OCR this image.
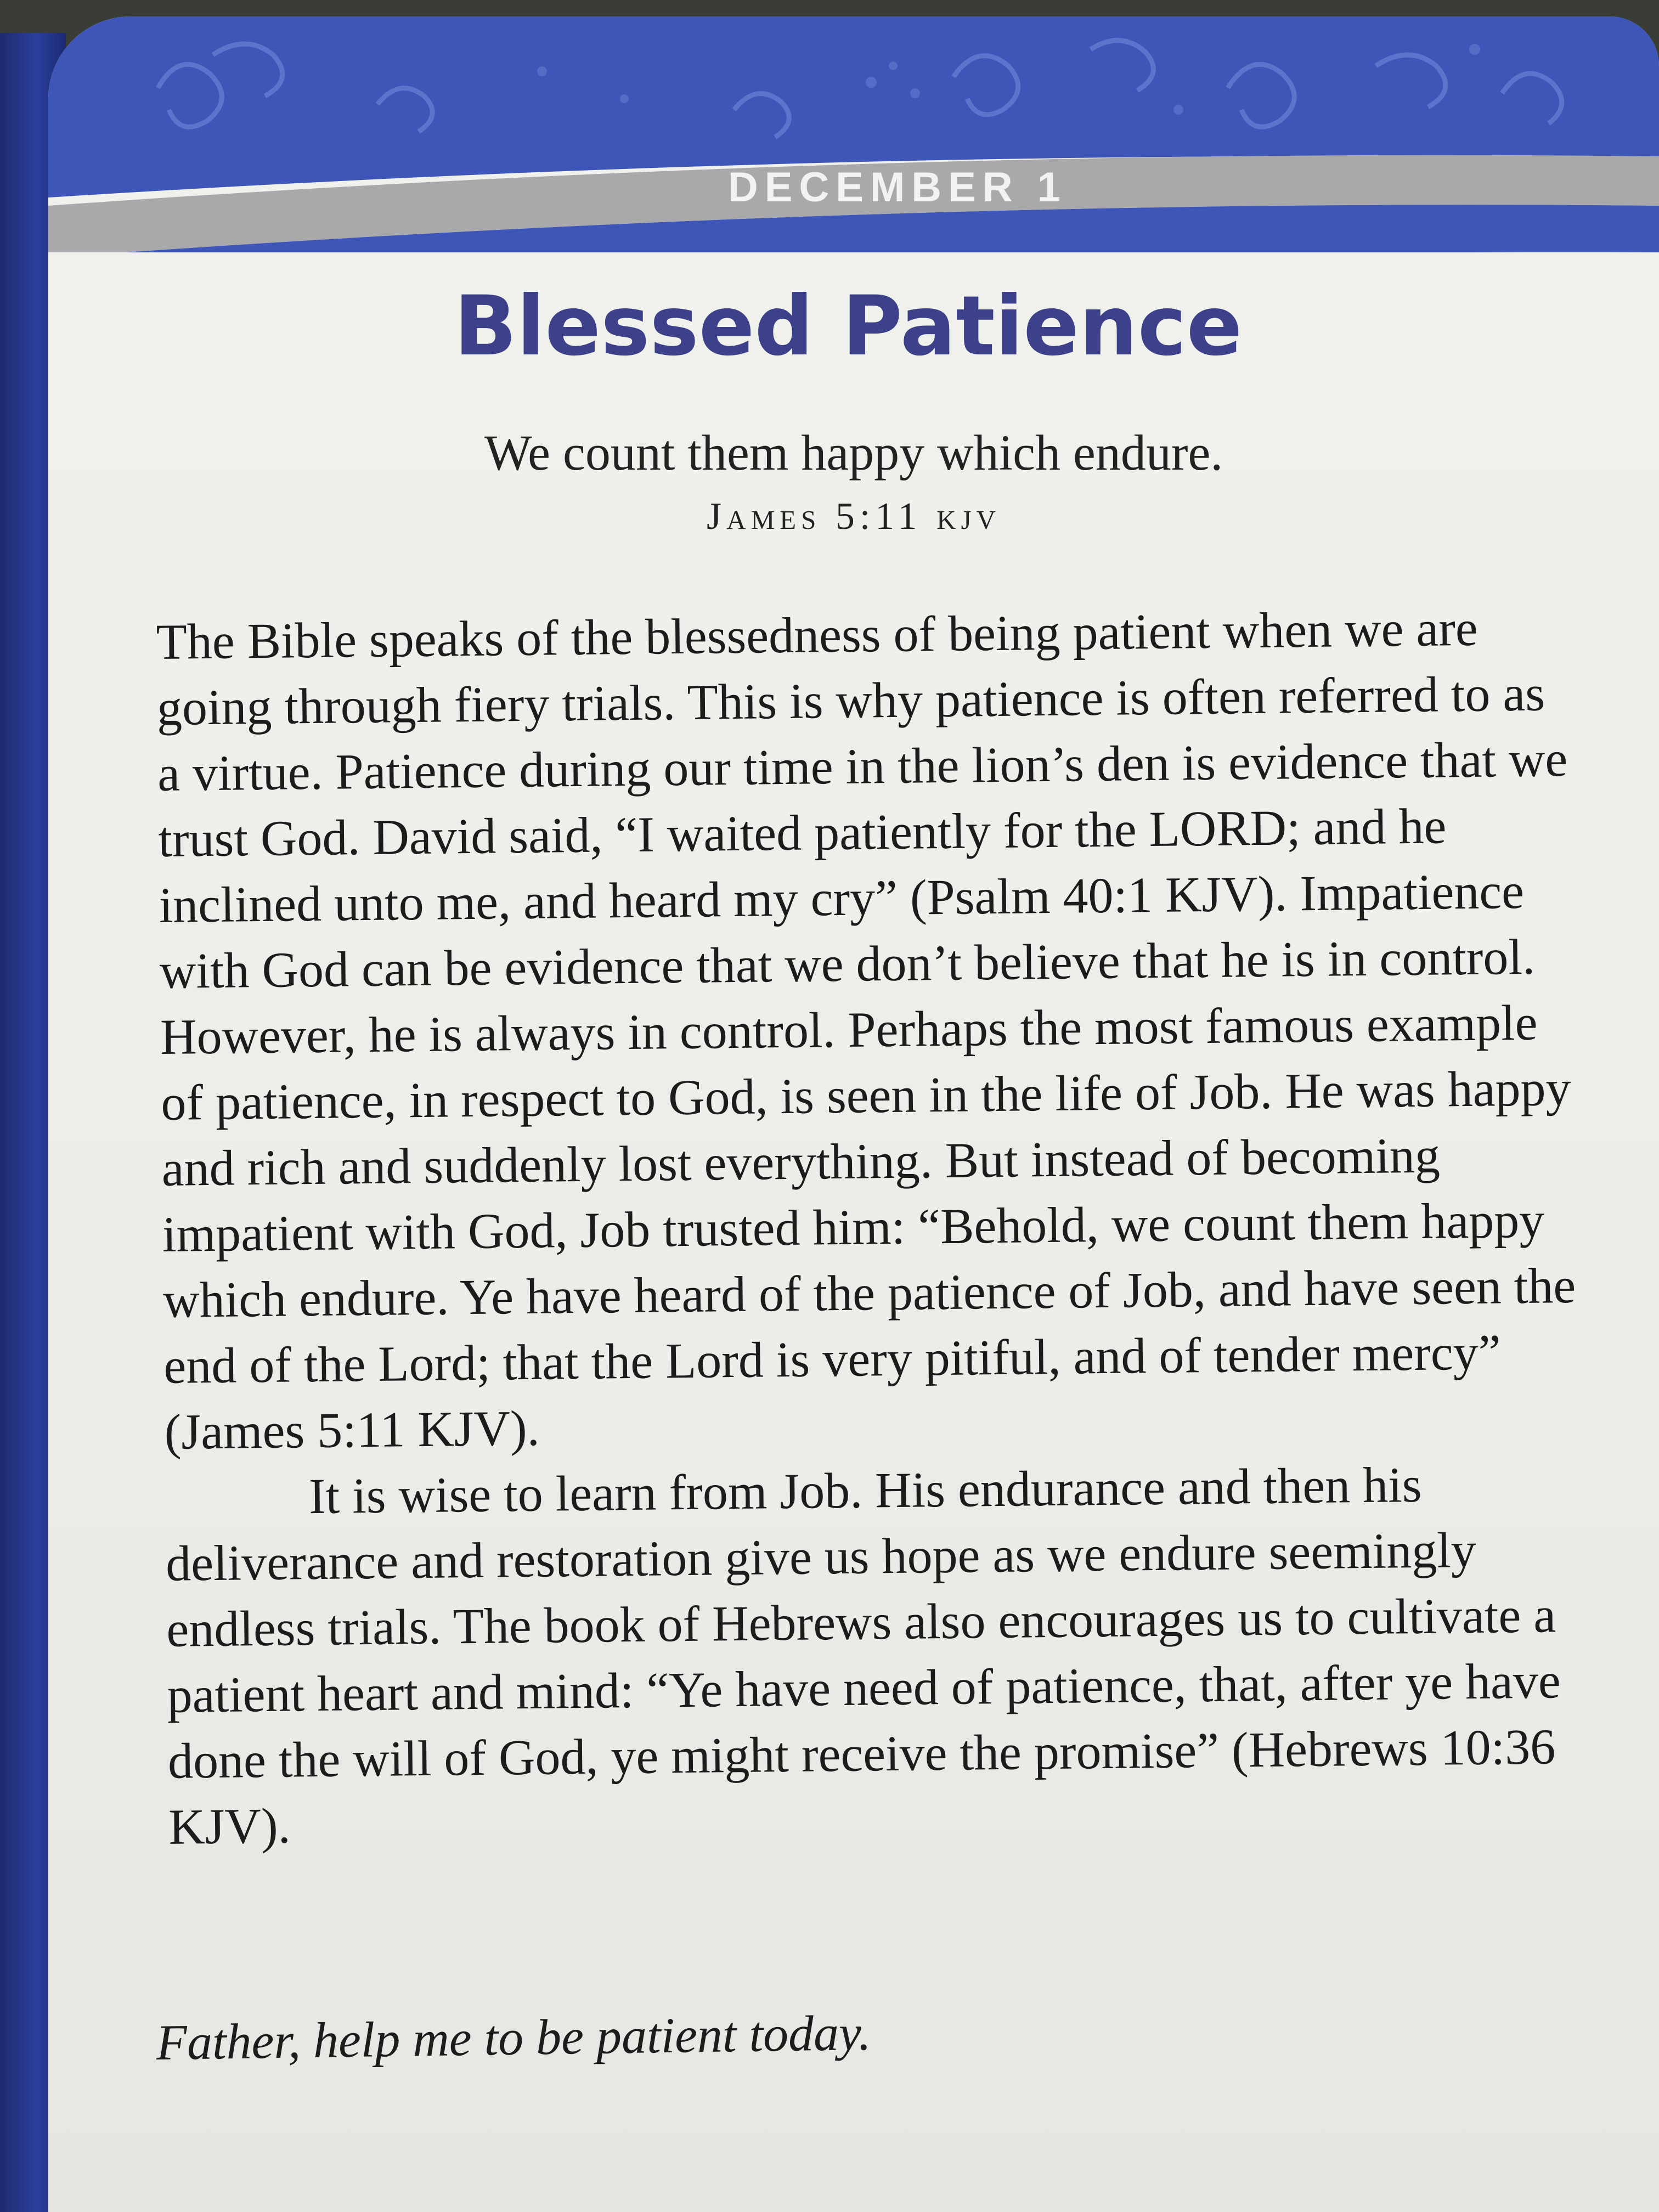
DECEMBER 1
Blessed Patience
We count them happy which endure.
James 5:11 kjv

The Bible speaks of the blessedness of being patient when we are going through fiery trials. This is why patience is often referred to as a virtue. Patience during our time in the lion’s den is evidence that we trust God. David said, “I waited patiently for the LORD; and he inclined unto me, and heard my cry” (Psalm 40:1 KJV). Impatience with God can be evidence that we don’t believe that he is in control. However, he is always in control. Perhaps the most famous example of patience, in respect to God, is seen in the life of Job. He was happy and rich and suddenly lost everything. But instead of becoming impatient with God, Job trusted him: “Behold, we count them happy which endure. Ye have heard of the patience of Job, and have seen the end of the Lord; that the Lord is very pitiful, and of tender mercy” (James 5:11 KJV).

It is wise to learn from Job. His endurance and then his deliverance and restoration give us hope as we endure seemingly endless trials. The book of Hebrews also encourages us to cultivate a patient heart and mind: “Ye have need of patience, that, after ye have done the will of God, ye might receive the promise” (Hebrews 10:36 KJV).

Father, help me to be patient today.
